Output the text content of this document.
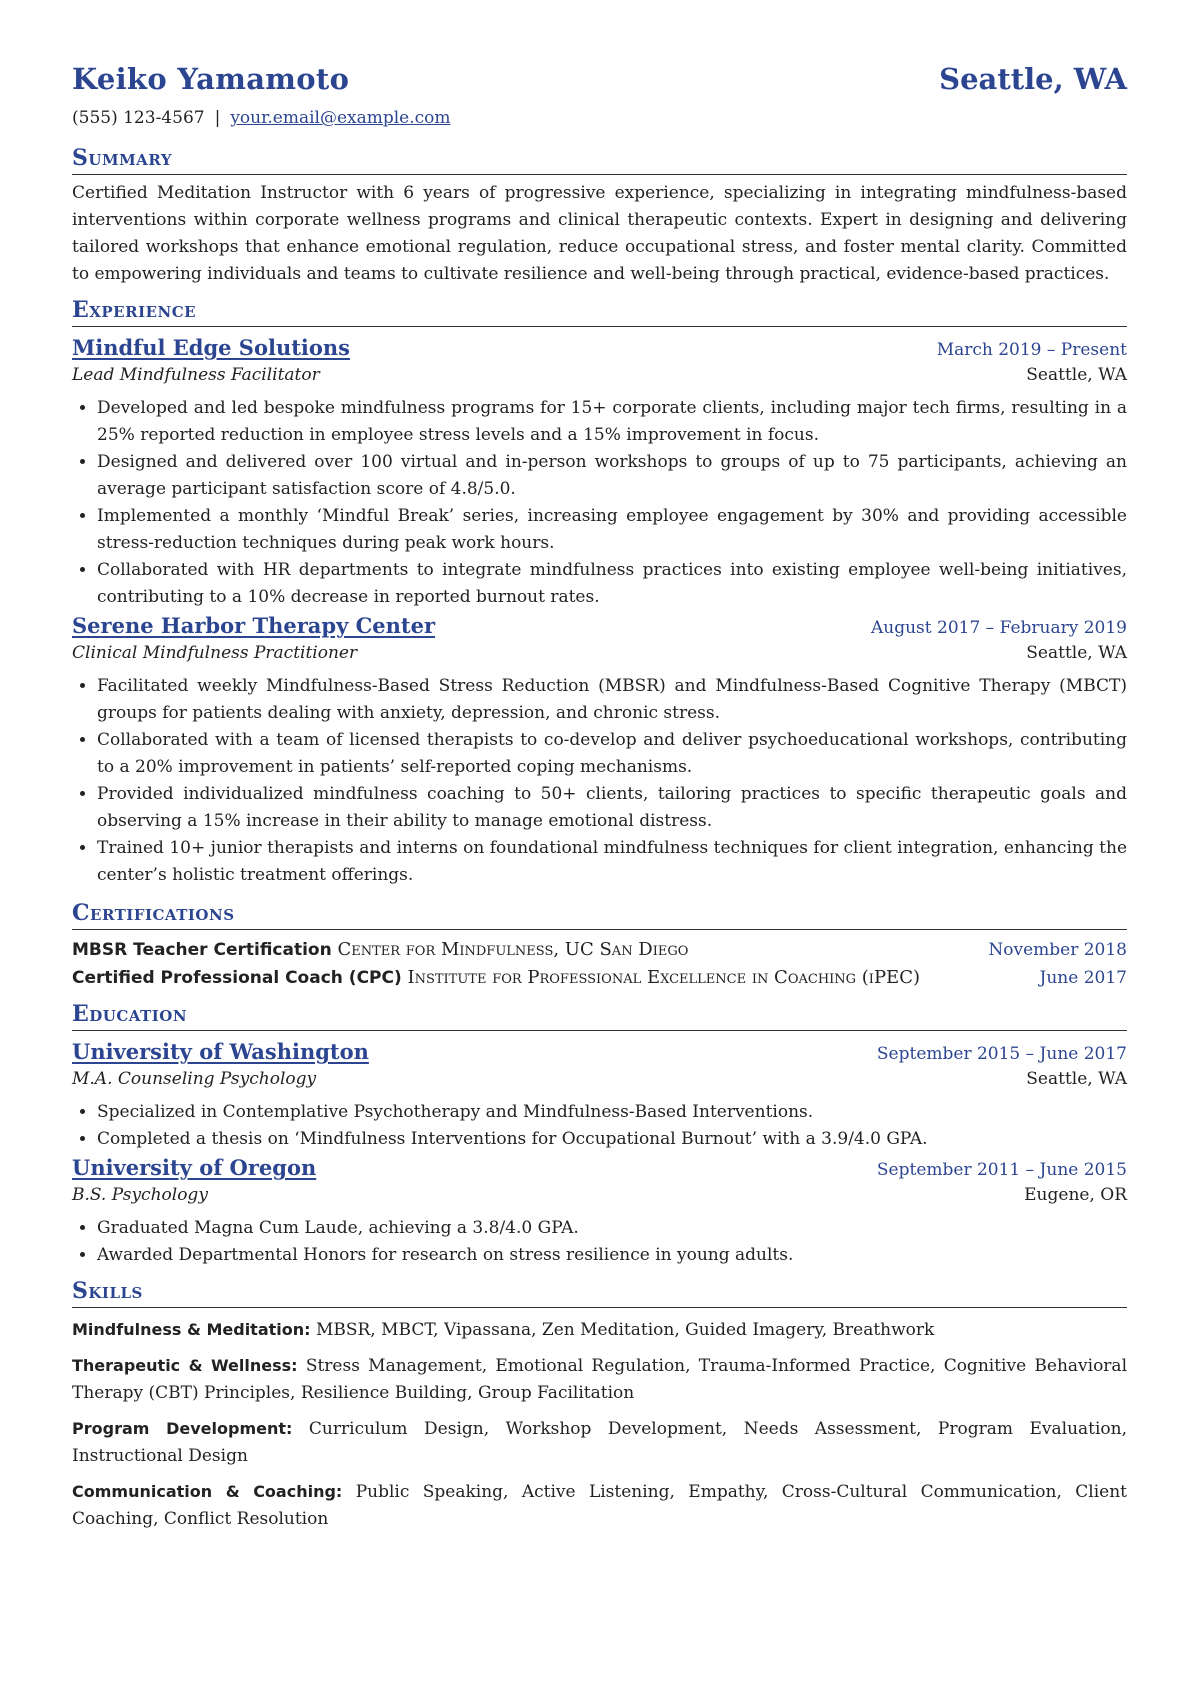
Keiko Yamamoto	Seattle, WA
(555) 123-4567 | your.email@example.com
Summary
Certified Meditation Instructor with 6 years of progressive experience, specializing in integrating mindfulness-based interventions within corporate wellness programs and clinical therapeutic contexts. Expert in designing and delivering tailored workshops that enhance emotional regulation, reduce occupational stress, and foster mental clarity. Committed to empowering individuals and teams to cultivate resilience and well-being through practical, evidence-based practices.
Experience
Mindful Edge Solutions	March 2019 – Present
Lead Mindfulness Facilitator	Seattle, WA
• Developed and led bespoke mindfulness programs for 15+ corporate clients, including major tech firms, resulting in a 25% reported reduction in employee stress levels and a 15% improvement in focus.
• Designed and delivered over 100 virtual and in-person workshops to groups of up to 75 participants, achieving an average participant satisfaction score of 4.8/5.0.
• Implemented a monthly ‘Mindful Break’ series, increasing employee engagement by 30% and providing accessible stress-reduction techniques during peak work hours.
• Collaborated with HR departments to integrate mindfulness practices into existing employee well-being initiatives, contributing to a 10% decrease in reported burnout rates.
Serene Harbor Therapy Center	August 2017 – February 2019
Clinical Mindfulness Practitioner	Seattle, WA
• Facilitated weekly Mindfulness-Based Stress Reduction (MBSR) and Mindfulness-Based Cognitive Therapy (MBCT) groups for patients dealing with anxiety, depression, and chronic stress.
• Collaborated with a team of licensed therapists to co-develop and deliver psychoeducational workshops, contributing to a 20% improvement in patients’ self-reported coping mechanisms.
• Provided individualized mindfulness coaching to 50+ clients, tailoring practices to specific therapeutic goals and observing a 15% increase in their ability to manage emotional distress.
• Trained 10+ junior therapists and interns on foundational mindfulness techniques for client integration, enhancing the center’s holistic treatment offerings.
Certifications
MBSR Teacher Certification Center for Mindfulness, UC San Diego	November 2018
Certified Professional Coach (CPC) Institute for Professional Excellence in Coaching (iPEC)	June 2017
Education
University of Washington	September 2015 – June 2017
M.A. Counseling Psychology	Seattle, WA
• Specialized in Contemplative Psychotherapy and Mindfulness-Based Interventions.
• Completed a thesis on ‘Mindfulness Interventions for Occupational Burnout’ with a 3.9/4.0 GPA.
University of Oregon	September 2011 – June 2015
B.S. Psychology	Eugene, OR
• Graduated Magna Cum Laude, achieving a 3.8/4.0 GPA.
• Awarded Departmental Honors for research on stress resilience in young adults.
Skills
Mindfulness & Meditation: MBSR, MBCT, Vipassana, Zen Meditation, Guided Imagery, Breathwork
Therapeutic & Wellness: Stress Management, Emotional Regulation, Trauma-Informed Practice, Cognitive Behavioral Therapy (CBT) Principles, Resilience Building, Group Facilitation
Program Development: Curriculum Design, Workshop Development, Needs Assessment, Program Evaluation, Instructional Design
Communication & Coaching: Public Speaking, Active Listening, Empathy, Cross-Cultural Communication, Client Coaching, Conflict Resolution
